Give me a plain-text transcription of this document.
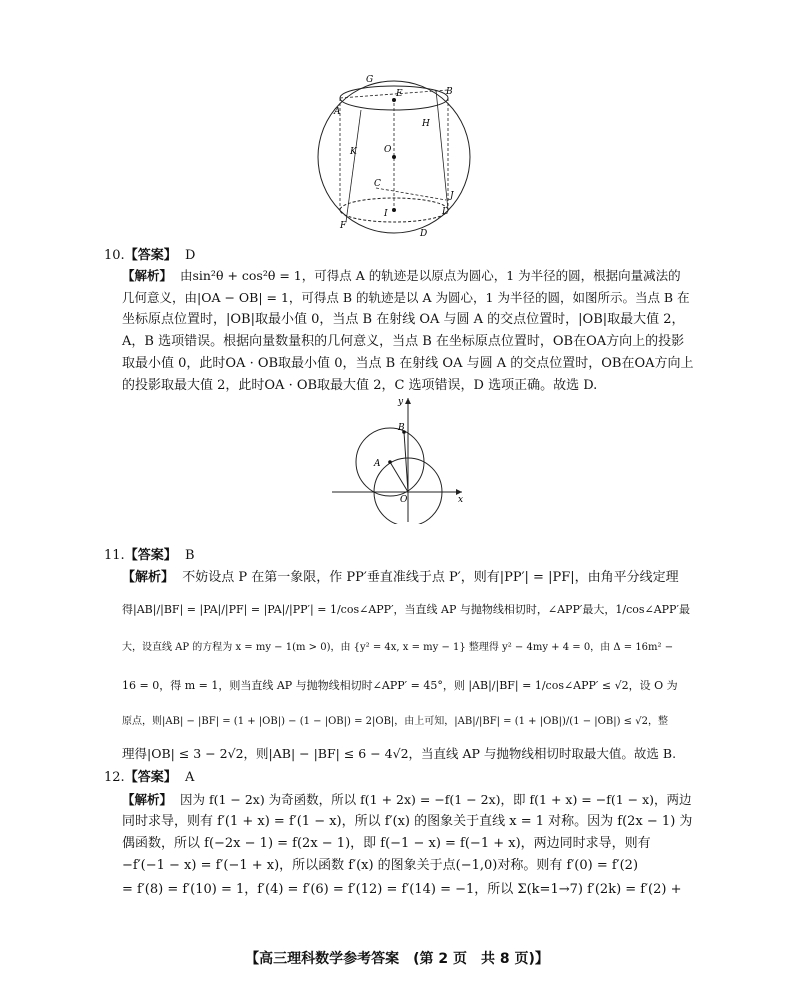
G
E	B
A
H
K	O
C
J
I	L
F
D
10.【答案】 D
【解析】 由sin²θ + cos²θ = 1，可得点 A 的轨迹是以原点为圆心，1 为半径的圆，根据向量减法的
几何意义，由|OA − OB| = 1，可得点 B 的轨迹是以 A 为圆心，1 为半径的圆，如图所示。当点 B 在
坐标原点位置时，|OB|取最小值 0，当点 B 在射线 OA 与圆 A 的交点位置时，|OB|取最大值 2，
A，B 选项错误。根据向量数量积的几何意义，当点 B 在坐标原点位置时，OB在OA方向上的投影
取最小值 0，此时OA · OB取最小值 0，当点 B 在射线 OA 与圆 A 的交点位置时，OB在OA方向上
的投影取最大值 2，此时OA · OB取最大值 2，C 选项错误，D 选项正确。故选 D.
y
B
A
O	x
11.【答案】 B
【解析】 不妨设点 P 在第一象限，作 PP′垂直准线于点 P′，则有|PP′| = |PF|，由角平分线定理
得|AB|/|BF| = |PA|/|PF| = |PA|/|PP′| = 1/cos∠APP′，当直线 AP 与抛物线相切时，∠APP′最大，1/cos∠APP′最
大，设直线 AP 的方程为 x = my − 1(m > 0)，由 {y² = 4x, x = my − 1} 整理得 y² − 4my + 4 = 0，由 Δ = 16m² −
16 = 0，得 m = 1，则当直线 AP 与抛物线相切时∠APP′ = 45°，则 |AB|/|BF| = 1/cos∠APP′ ≤ √2，设 O 为
原点，则|AB| − |BF| = (1 + |OB|) − (1 − |OB|) = 2|OB|，由上可知，|AB|/|BF| = (1 + |OB|)/(1 − |OB|) ≤ √2，整
理得|OB| ≤ 3 − 2√2，则|AB| − |BF| ≤ 6 − 4√2，当直线 AP 与抛物线相切时取最大值。故选 B.
12.【答案】 A
【解析】 因为 f(1 − 2x) 为奇函数，所以 f(1 + 2x) = −f(1 − 2x)，即 f(1 + x) = −f(1 − x)，两边
同时求导，则有 f′(1 + x) = f′(1 − x)，所以 f′(x) 的图象关于直线 x = 1 对称。因为 f(2x − 1) 为
偶函数，所以 f(−2x − 1) = f(2x − 1)，即 f(−1 − x) = f(−1 + x)，两边同时求导，则有
−f′(−1 − x) = f′(−1 + x)，所以函数 f′(x) 的图象关于点(−1,0)对称。则有 f′(0) = f′(2)
= f′(8) = f′(10) = 1，f′(4) = f′(6) = f′(12) = f′(14) = −1，所以 Σ(k=1→7) f′(2k) = f′(2) +
【高三理科数学参考答案　(第 2 页　共 8 页)】
